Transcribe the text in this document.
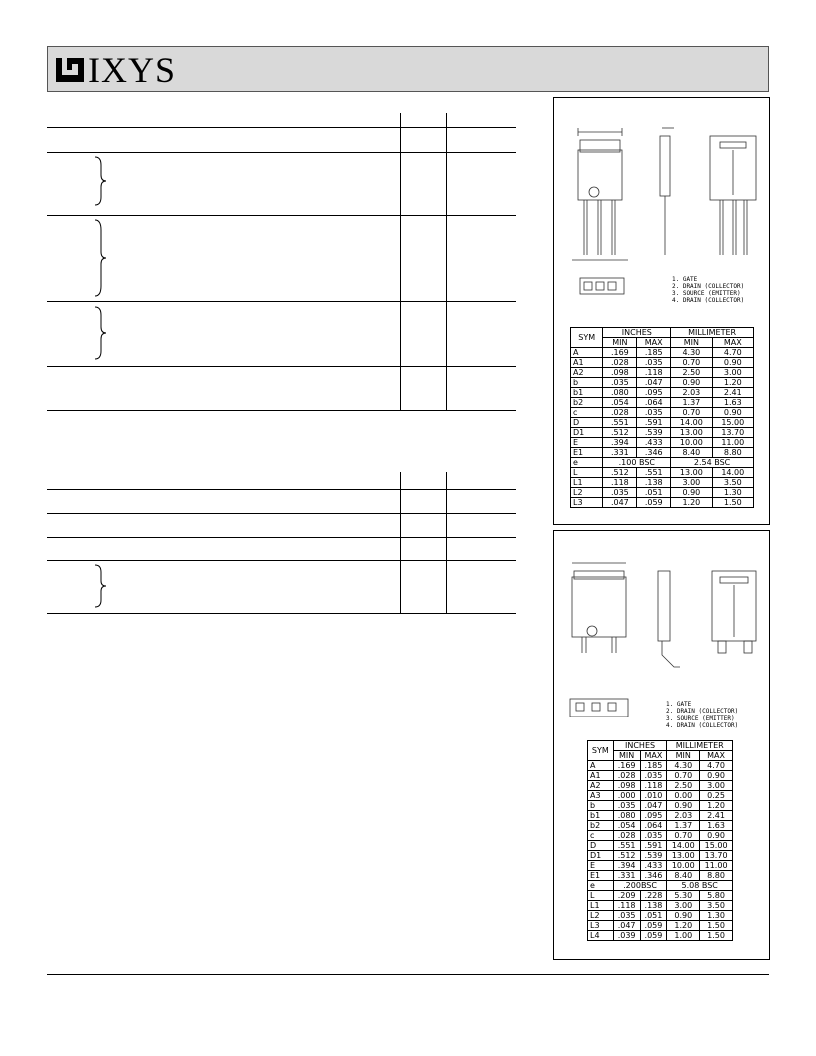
IXYS
1. GATE
2. DRAIN (COLLECTOR)
3. SOURCE (EMITTER)
4. DRAIN (COLLECTOR)
SYM	INCHES		MILLIMETER	
	MIN	MAX	MIN	MAX
A	.169	.185	4.30	4.70
A1	.028	.035	0.70	0.90
A2	.098	.118	2.50	3.00
b	.035	.047	0.90	1.20
b1	.080	.095	2.03	2.41
b2	.054	.064	1.37	1.63
c	.028	.035	0.70	0.90
D	.551	.591	14.00	15.00
D1	.512	.539	13.00	13.70
E	.394	.433	10.00	11.00
E1	.331	.346	8.40	8.80
e	.100 BSC		2.54 BSC	
L	.512	.551	13.00	14.00
L1	.118	.138	3.00	3.50
L2	.035	.051	0.90	1.30
L3	.047	.059	1.20	1.50
1. GATE
2. DRAIN (COLLECTOR)
3. SOURCE (EMITTER)
4. DRAIN (COLLECTOR)
SYM	INCHES		MILLIMETER	
	MIN	MAX	MIN	MAX
A	.169	.185	4.30	4.70
A1	.028	.035	0.70	0.90
A2	.098	.118	2.50	3.00
A3	.000	.010	0.00	0.25
b	.035	.047	0.90	1.20
b1	.080	.095	2.03	2.41
b2	.054	.064	1.37	1.63
c	.028	.035	0.70	0.90
D	.551	.591	14.00	15.00
D1	.512	.539	13.00	13.70
E	.394	.433	10.00	11.00
E1	.331	.346	8.40	8.80
e	.200BSC		5.08 BSC	
L	.209	.228	5.30	5.80
L1	.118	.138	3.00	3.50
L2	.035	.051	0.90	1.30
L3	.047	.059	1.20	1.50
L4	.039	.059	1.00	1.50
